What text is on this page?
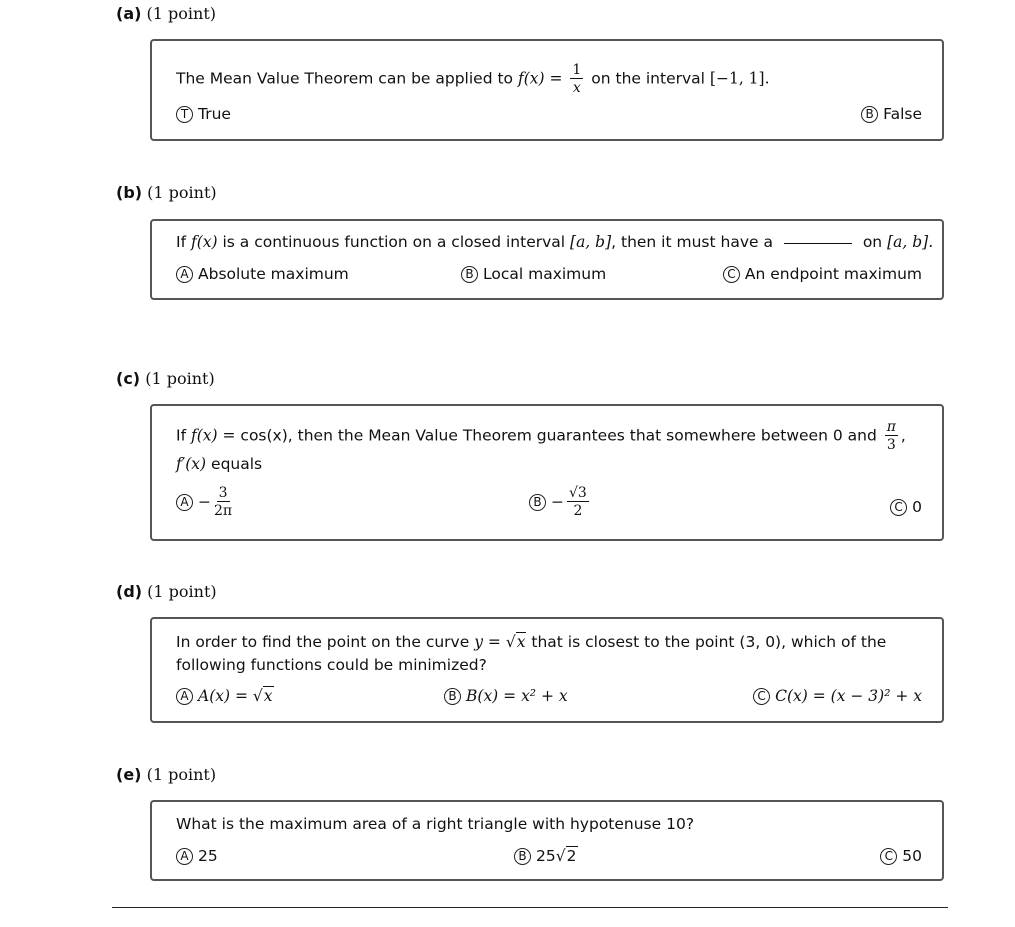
(a) (1 point)
The Mean Value Theorem can be applied to $f(x) = \frac{1}{x}$ on the interval [−1, 1].
T True	B False
(b) (1 point)
If f(x) is a continuous function on a closed interval [a, b], then it must have a	on [a, b].
A Absolute maximum	B Local maximum	C An endpoint maximum
(c) (1 point)
If f(x) = cos(x), then the Mean Value Theorem guarantees that somewhere between 0 and $\frac{\pi}{3}$ ,
f′(x) equals
$A - \frac{3}{2\pi}$	$B - \frac{√3}{2}$	C 0
(d) (1 point)
In order to find the point on the curve y = √x that is closest to the point (3, 0), which of the
following functions could be minimized?
A A(x) =
√x	B B(x) = x² + x	C C(x) = (x − 3)² + x
(e) (1 point)
What is the maximum area of a right triangle with hypotenuse 10?
A 25	B 25 √2	C 50
